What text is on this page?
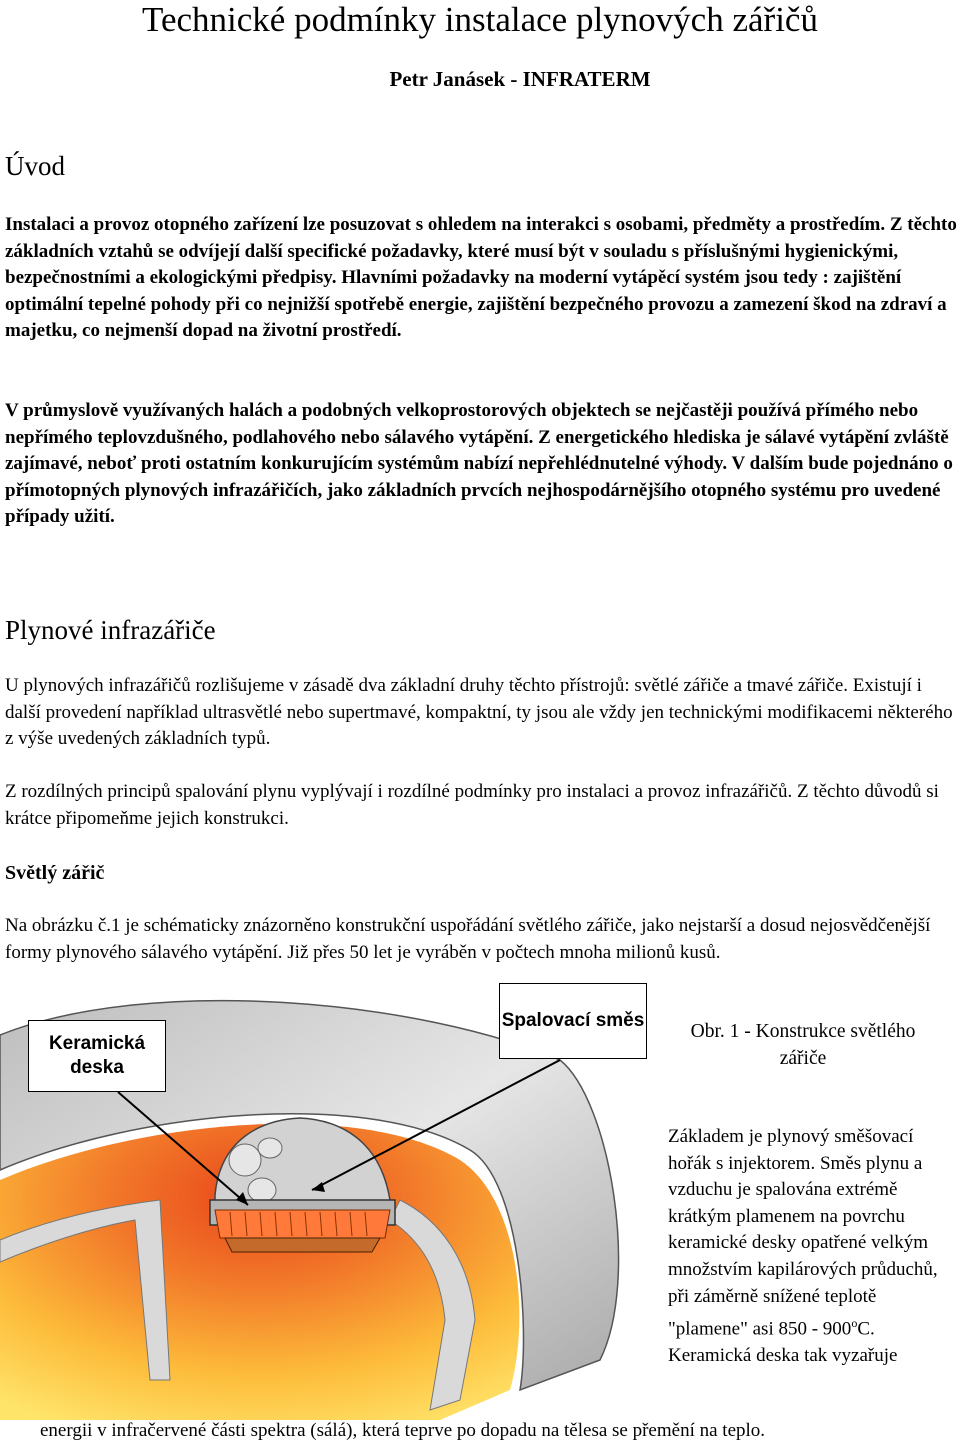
Technické podmínky instalace plynových zářičů
Petr Janásek - INFRATERM
Úvod
Instalaci a provoz otopného zařízení lze posuzovat s ohledem na interakci s osobami, předměty a prostředím. Z těchto základních vztahů se odvíjejí další specifické požadavky, které musí být v souladu s příslušnými hygienickými, bezpečnostními a ekologickými předpisy. Hlavními požadavky na moderní vytápěcí systém jsou tedy : zajištění optimální tepelné pohody při co nejnižší spotřebě energie, zajištění bezpečného provozu a zamezení škod na zdraví a majetku, co nejmenší dopad na životní prostředí.
V průmyslově využívaných halách a podobných velkoprostorových objektech se nejčastěji používá přímého nebo nepřímého teplovzdušného, podlahového nebo sálavého vytápění. Z energetického hlediska je sálavé vytápění zvláště zajímavé, neboť proti ostatním konkurujícím systémům nabízí nepřehlédnutelné výhody. V dalším bude pojednáno o přímotopných plynových infrazářičích, jako základních prvcích nejhospodárnějšího otopného systému pro uvedené případy užití.
Plynové infrazářiče
U plynových infrazářičů rozlišujeme v zásadě dva základní druhy těchto přístrojů: světlé zářiče a tmavé zářiče. Existují i další provedení například ultrasvětlé nebo supertmavé, kompaktní, ty jsou ale vždy jen technickými modifikacemi některého z výše uvedených základních typů.
Z rozdílných principů spalování plynu vyplývají i rozdílné podmínky pro instalaci a provoz infrazářičů. Z těchto důvodů si krátce připomeňme jejich konstrukci.
Světlý zářič
Na obrázku č.1 je schématicky znázorněno konstrukční uspořádání světlého zářiče, jako nejstarší a dosud nejosvědčenější formy plynového sálavého vytápění. Již přes 50 let je vyráběn v počtech mnoha milionů kusů.
Keramická deska
Spalovací směs
Obr. 1 - Konstrukce světlého zářiče
Základem je plynový směšovací hořák s injektorem. Směs plynu a vzduchu je spalována extrémě krátkým plamenem na povrchu keramické desky opatřené velkým množstvím kapilárových průduchů, při záměrně snížené teplotě "plamene" asi 850 - 900$^o$C.
Keramická deska tak vyzařuje
energii v infračervené části spektra (sálá), která teprve po dopadu na tělesa se přemění na teplo.
